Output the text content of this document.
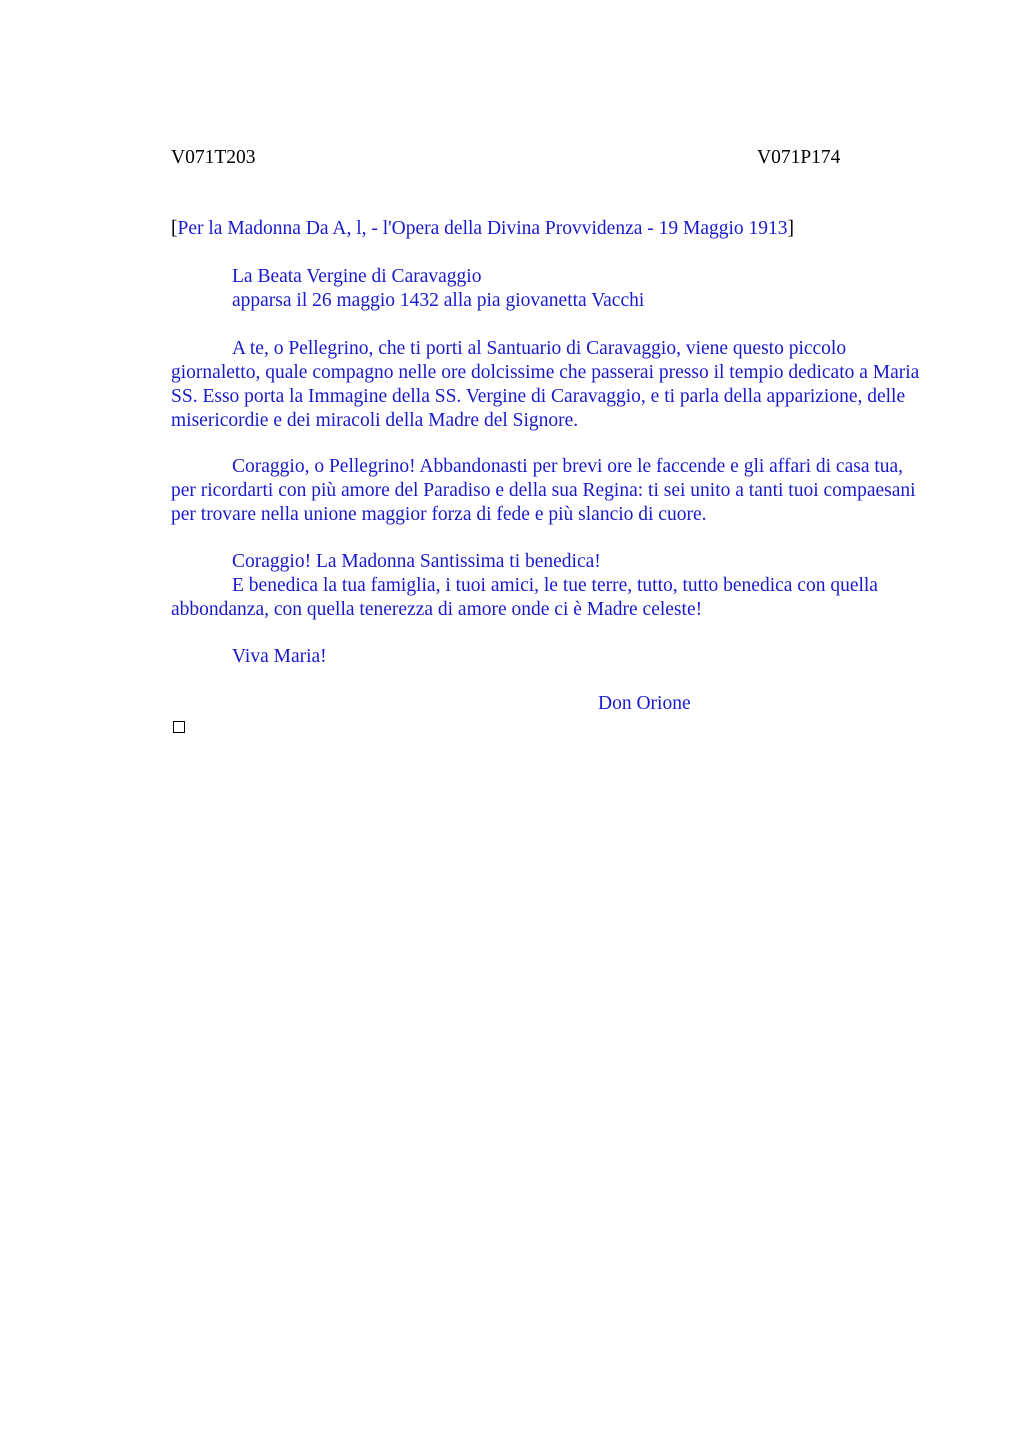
V071T203	V071P174
[Per la Madonna Da A, l, - l'Opera della Divina Provvidenza - 19 Maggio 1913]
La Beata Vergine di Caravaggio
apparsa il 26 maggio 1432 alla pia giovanetta Vacchi

A te, o Pellegrino, che ti porti al Santuario di Caravaggio, viene questo piccolo giornaletto, quale compagno nelle ore dolcissime che passerai presso il tempio dedicato a Maria SS. Esso porta la Immagine della SS. Vergine di Caravaggio, e ti parla della apparizione, delle misericordie e dei miracoli della Madre del Signore.

Coraggio, o Pellegrino! Abbandonasti per brevi ore le faccende e gli affari di casa tua, per ricordarti con più amore del Paradiso e della sua Regina: ti sei unito a tanti tuoi compaesani per trovare nella unione maggior forza di fede e più slancio di cuore.

Coraggio! La Madonna Santissima ti benedica!

E benedica la tua famiglia, i tuoi amici, le tue terre, tutto, tutto benedica con quella abbondanza, con quella tenerezza di amore onde ci è Madre celeste!

Viva Maria!
Don Orione
